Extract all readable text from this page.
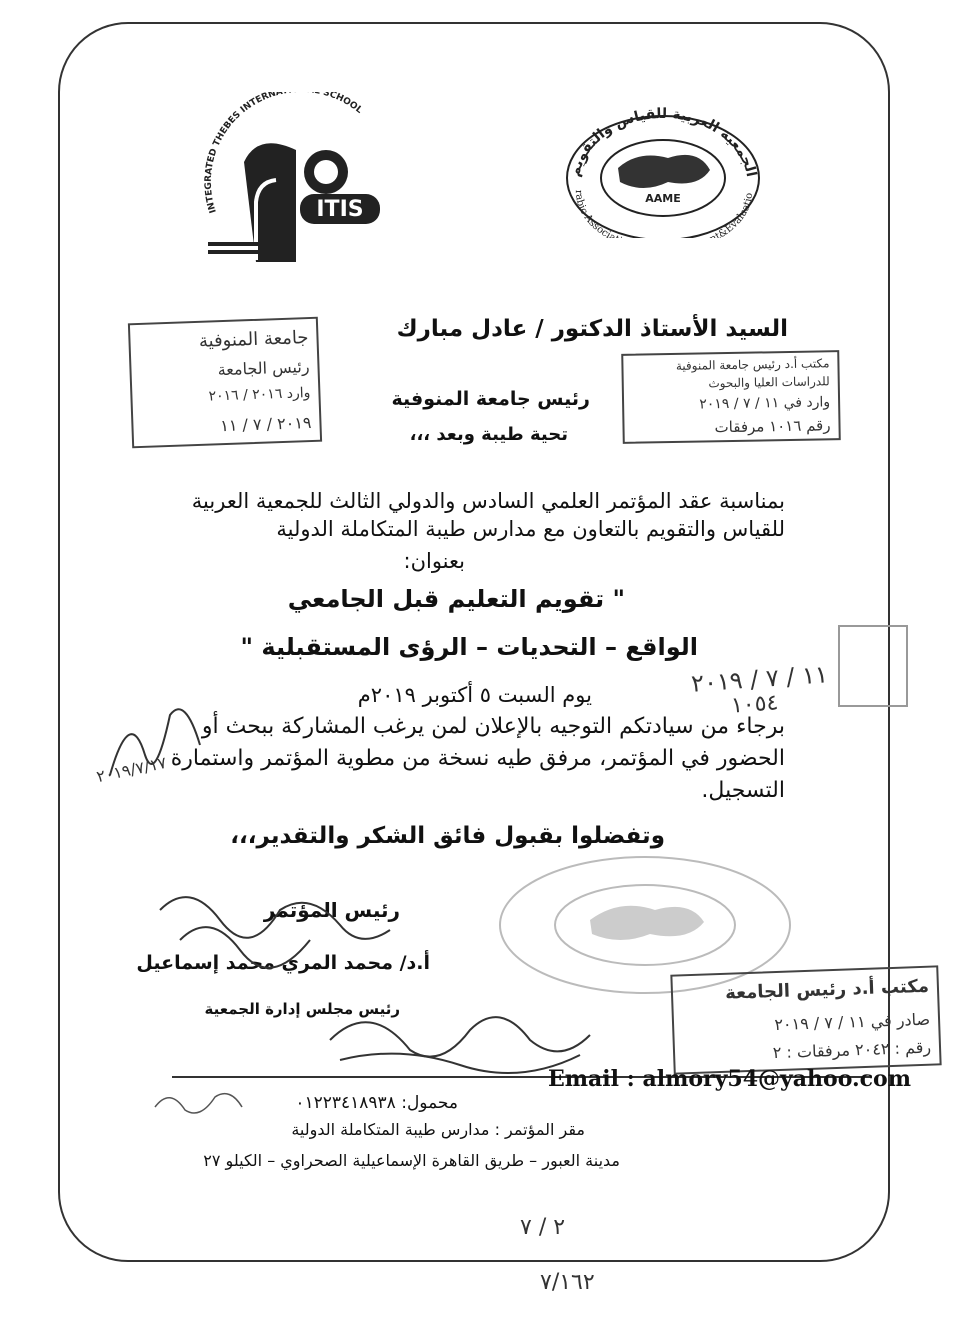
INTEGRATED THEBES INTERNA SCHOOL
ITIS
الجمعية العربية للقياس والتقويم
rabic Associa t&Evaluatio
AAME
جامعة المنوفية
رئيس الجامعة
وارد ٢٠١٦ / ٢٠١٦
٢٠١٩ / ٧ / ١١
مكتب أ.د رئيس جامعة المنوفية
للدراسات العليا والبحوث
وارد في ١١ / ٧ / ٢٠١٩
رقم ١٠١٦ مرفقات
السيد الأستاذ الدكتور / عادل مبارك
رئيس جامعة المنوفية
تحية طيبة وبعد ،،،
بمناسبة عقد المؤتمر العلمي السادس والدولي الثالث للجمعية العربية
للقياس والتقويم بالتعاون مع مدارس طيبة المتكاملة الدولية
بعنوان:
" تقويم التعليم قبل الجامعي
الواقع – التحديات – الرؤى المستقبلية "
يوم السبت ٥ أكتوبر ٢٠١٩م
برجاء من سيادتكم التوجيه بالإعلان لمن يرغب المشاركة ببحث أو
الحضور في المؤتمر، مرفق طيه نسخة من مطوية المؤتمر واستمارة
التسجيل.
وتفضلوا بقبول فائق الشكر والتقدير،،،
رئيس المؤتمر
أ.د/ محمد المري محمد إسماعيل
رئيس مجلس إدارة الجمعية
مكتب أ.د رئيس الجامعة
صادر في ١١ / ٧ / ٢٠١٩
رقم : ٢٠٤٢ مرفقات : ٢
٢٠١٩/٧/١٧
١١ / ٧ / ٢٠١٩
١٠٥٤
Email : almory54@yahoo.com
محمول: ٠١٢٢٣٤١٨٩٣٨
مقر المؤتمر : مدارس طيبة المتكاملة الدولية
مدينة العبور – طريق القاهرة الإسماعيلية الصحراوي – الكيلو ٢٧
٢ / ٧
٧/١٦٢
